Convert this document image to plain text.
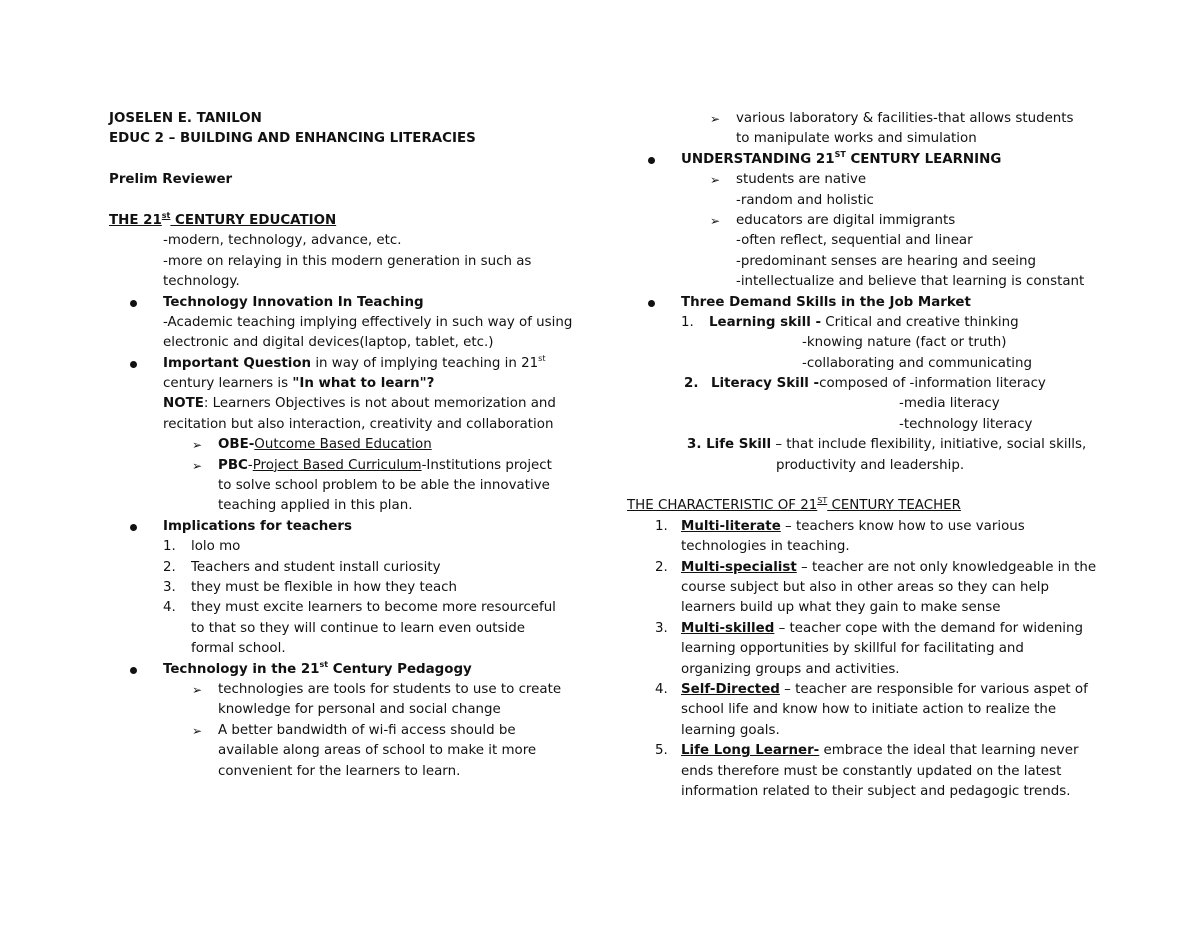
JOSELEN E. TANILON
EDUC 2 – BUILDING AND ENHANCING LITERACIES
Prelim Reviewer
THE 21st CENTURY EDUCATION
-modern, technology, advance, etc.
-more on relaying in this modern generation in such as
technology.
Technology Innovation In Teaching
-Academic teaching implying effectively in such way of using
electronic and digital devices(laptop, tablet, etc.)
Important Question in way of implying teaching in 21st
century learners is "In what to learn"?
NOTE: Learners Objectives is not about memorization and
recitation but also interaction, creativity and collaboration
➢ OBE-Outcome Based Education
➢ PBC-Project Based Curriculum-Institutions project
to solve school problem to be able the innovative
teaching applied in this plan.
Implications for teachers
1.	lolo mo
2.	Teachers and student install curiosity
3.	they must be flexible in how they teach
4.	they must excite learners to become more resourceful
to that so they will continue to learn even outside
formal school.
Technology in the 21st Century Pedagogy
➢ technologies are tools for students to use to create
knowledge for personal and social change
➢ A better bandwidth of wi-fi access should be
available along areas of school to make it more
convenient for the learners to learn.
➢ various laboratory & facilities-that allows students
to manipulate works and simulation
UNDERSTANDING 21ST CENTURY LEARNING
➢ students are native
-random and holistic
➢ educators are digital immigrants
-often reflect, sequential and linear
-predominant senses are hearing and seeing
-intellectualize and believe that learning is constant
Three Demand Skills in the Job Market
1.	Learning skill - Critical and creative thinking
-knowing nature (fact or truth)
-collaborating and communicating
2. Literacy Skill -composed of -information literacy
-media literacy
-technology literacy
3. Life Skill – that include flexibility, initiative, social skills,
productivity and leadership.
THE CHARACTERISTIC OF 21ST CENTURY TEACHER
1. Multi-literate – teachers know how to use various
technologies in teaching.
2. Multi-specialist – teacher are not only knowledgeable in the
course subject but also in other areas so they can help
learners build up what they gain to make sense
3. Multi-skilled – teacher cope with the demand for widening
learning opportunities by skillful for facilitating and
organizing groups and activities.
4. Self-Directed – teacher are responsible for various aspet of
school life and know how to initiate action to realize the
learning goals.
5. Life Long Learner- embrace the ideal that learning never
ends therefore must be constantly updated on the latest
information related to their subject and pedagogic trends.
